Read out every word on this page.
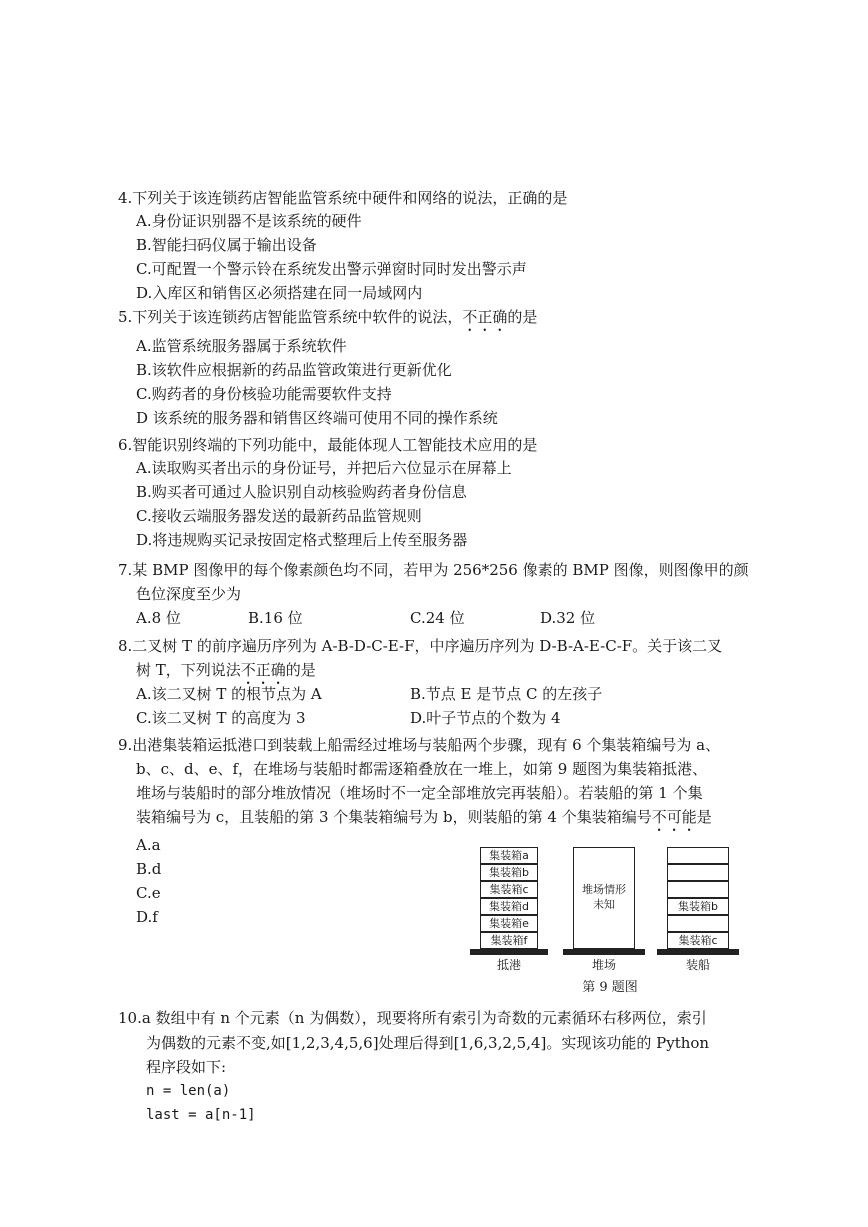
4.下列关于该连锁药店智能监管系统中硬件和网络的说法，正确的是
A.身份证识别器不是该系统的硬件
B.智能扫码仪属于输出设备
C.可配置一个警示铃在系统发出警示弹窗时同时发出警示声
D.入库区和销售区必须搭建在同一局域网内
5.下列关于该连锁药店智能监管系统中软件的说法，不正确的是
A.监管系统服务器属于系统软件
B.该软件应根据新的药品监管政策进行更新优化
C.购药者的身份核验功能需要软件支持
D 该系统的服务器和销售区终端可使用不同的操作系统
6.智能识别终端的下列功能中，最能体现人工智能技术应用的是
A.读取购买者出示的身份证号，并把后六位显示在屏幕上
B.购买者可通过人脸识别自动核验购药者身份信息
C.接收云端服务器发送的最新药品监管规则
D.将违规购买记录按固定格式整理后上传至服务器
7.某 BMP 图像甲的每个像素颜色均不同，若甲为 256*256 像素的 BMP 图像，则图像甲的颜
色位深度至少为
A.8 位	B.16 位	C.24 位	D.32 位
8.二叉树 T 的前序遍历序列为 A-B-D-C-E-F，中序遍历序列为 D-B-A-E-C-F。关于该二叉
树 T，下列说法不正确的是
A.该二叉树 T 的根节点为 A	B.节点 E 是节点 C 的左孩子
C.该二叉树 T 的高度为 3	D.叶子节点的个数为 4
9.出港集装箱运抵港口到装载上船需经过堆场与装船两个步骤，现有 6 个集装箱编号为 a、
b、c、d、e、f，在堆场与装船时都需逐箱叠放在一堆上，如第 9 题图为集装箱抵港、
堆场与装船时的部分堆放情况（堆场时不一定全部堆放完再装船）。若装船的第 1 个集
装箱编号为 c，且装船的第 3 个集装箱编号为 b，则装船的第 4 个集装箱编号不可能是
A.a
B.d
C.e
D.f
集装箱a
集装箱b
集装箱c
集装箱d
集装箱e
集装箱f
抵港
堆场情形
未知
堆场
集装箱b
集装箱c
装船
第 9 题图
10.a 数组中有 n 个元素（n 为偶数），现要将所有索引为奇数的元素循环右移两位，索引
为偶数的元素不变,如[1,2,3,4,5,6]处理后得到[1,6,3,2,5,4]。实现该功能的 Python
程序段如下:
n = len(a)
last = a[n-1]
